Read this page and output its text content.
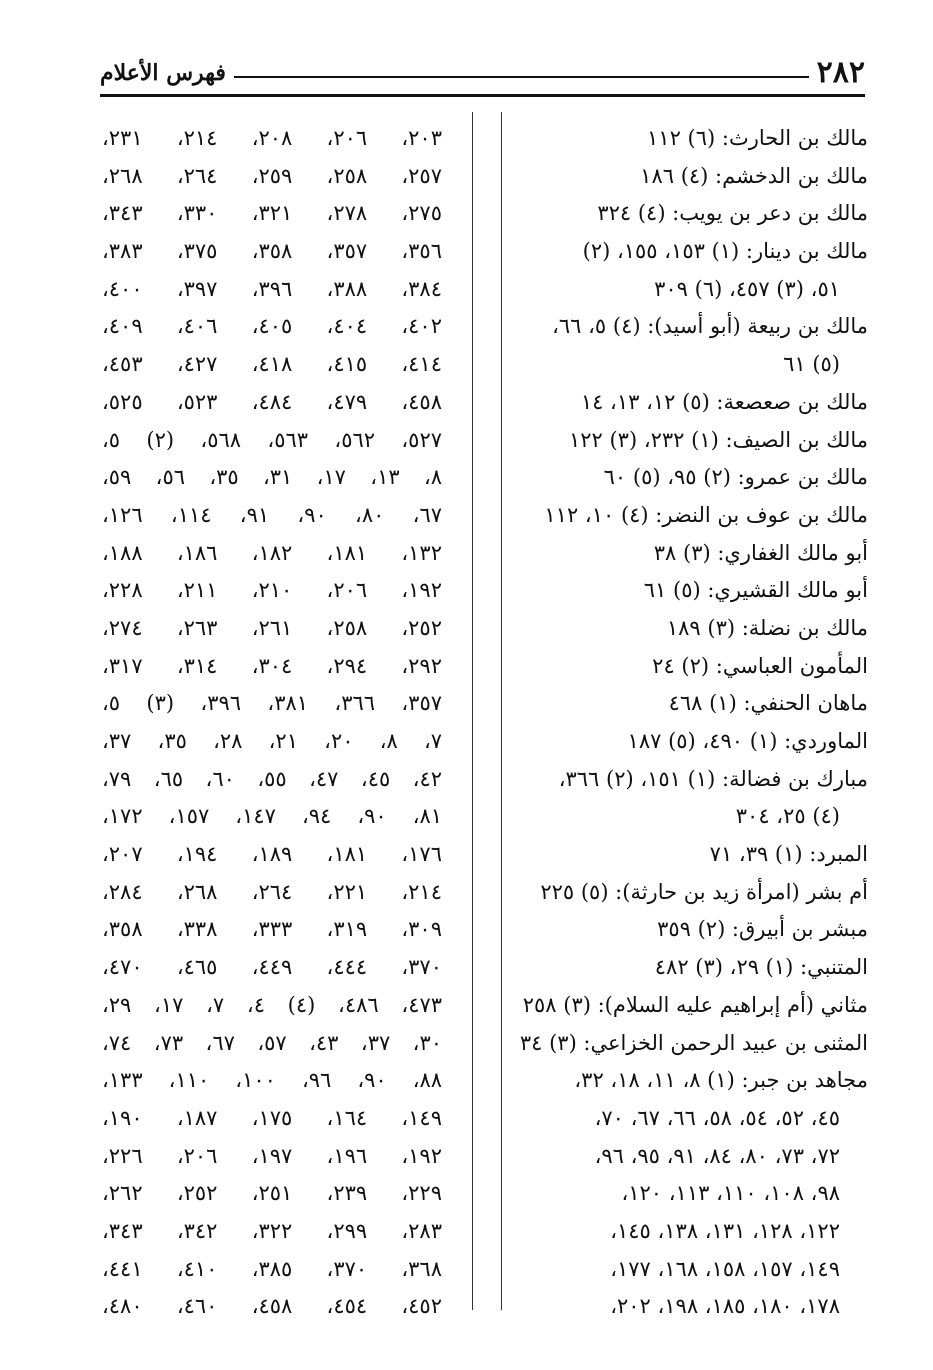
٢٨٢
فهرس الأعلام
مالك بن الحارث: (٦) ١١٢
مالك بن الدخشم: (٤) ١٨٦
مالك بن دعر بن يويب: (٤) ٣٢٤
مالك بن دينار: (١) ١٥٣، ١٥٥، (٢)
٥١، (٣) ٤٥٧، (٦) ٣٠٩
مالك بن ربيعة (أبو أسيد): (٤) ٥، ٦٦،
(٥) ٦١
مالك بن صعصعة: (٥) ١٢، ١٣، ١٤
مالك بن الصيف: (١) ٢٣٢، (٣) ١٢٢
مالك بن عمرو: (٢) ٩٥، (٥) ٦٠
مالك بن عوف بن النضر: (٤) ١٠، ١١٢
أبو مالك الغفاري: (٣) ٣٨
أبو مالك القشيري: (٥) ٦١
مالك بن نضلة: (٣) ١٨٩
المأمون العباسي: (٢) ٢٤
ماهان الحنفي: (١) ٤٦٨
الماوردي: (١) ٤٩٠، (٥) ١٨٧
مبارك بن فضالة: (١) ١٥١، (٢) ٣٦٦،
(٤) ٢٥، ٣٠٤
المبرد: (١) ٣٩، ٧١
أم بشر (امرأة زيد بن حارثة): (٥) ٢٢٥
مبشر بن أبيرق: (٢) ٣٥٩
المتنبي: (١) ٢٩، (٣) ٤٨٢
مثاني (أم إبراهيم عليه السلام): (٣) ٢٥٨
المثنى بن عبيد الرحمن الخزاعي: (٣) ٣٤
مجاهد بن جبر: (١) ٨، ١١، ١٨، ٣٢،
٤٥، ٥٢، ٥٤، ٥٨، ٦٦، ٦٧، ٧٠،
٧٢، ٧٣، ٨٠، ٨٤، ٩١، ٩٥، ٩٦،
٩٨، ١٠٨، ١١٠، ١١٣، ١٢٠،
١٢٢، ١٢٨، ١٣١، ١٣٨، ١٤٥،
١٤٩، ١٥٧، ١٥٨، ١٦٨، ١٧٧،
١٧٨، ١٨٠، ١٨٥، ١٩٨، ٢٠٢،
٢٠٣، ٢٠٦، ٢٠٨، ٢١٤، ٢٣١،
٢٥٧، ٢٥٨، ٢٥٩، ٢٦٤، ٢٦٨،
٢٧٥، ٢٧٨، ٣٢١، ٣٣٠، ٣٤٣،
٣٥٦، ٣٥٧، ٣٥٨، ٣٧٥، ٣٨٣،
٣٨٤، ٣٨٨، ٣٩٦، ٣٩٧، ٤٠٠،
٤٠٢، ٤٠٤، ٤٠٥، ٤٠٦، ٤٠٩،
٤١٤، ٤١٥، ٤١٨، ٤٢٧، ٤٥٣،
٤٥٨، ٤٧٩، ٤٨٤، ٥٢٣، ٥٢٥،
٥٢٧، ٥٦٢، ٥٦٣، ٥٦٨، (٢) ٥،
٨، ١٣، ١٧، ٣١، ٣٥، ٥٦، ٥٩،
٦٧، ٨٠، ٩٠، ٩١، ١١٤، ١٢٦،
١٣٢، ١٨١، ١٨٢، ١٨٦، ١٨٨،
١٩٢، ٢٠٦، ٢١٠، ٢١١، ٢٢٨،
٢٥٢، ٢٥٨، ٢٦١، ٢٦٣، ٢٧٤،
٢٩٢، ٢٩٤، ٣٠٤، ٣١٤، ٣١٧،
٣٥٧، ٣٦٦، ٣٨١، ٣٩٦، (٣) ٥،
٧، ٨، ٢٠، ٢١، ٢٨، ٣٥، ٣٧،
٤٢، ٤٥، ٤٧، ٥٥، ٦٠، ٦٥، ٧٩،
٨١، ٩٠، ٩٤، ١٤٧، ١٥٧، ١٧٢،
١٧٦، ١٨١، ١٨٩، ١٩٤، ٢٠٧،
٢١٤، ٢٢١، ٢٦٤، ٢٦٨، ٢٨٤،
٣٠٩، ٣١٩، ٣٣٣، ٣٣٨، ٣٥٨،
٣٧٠، ٤٤٤، ٤٤٩، ٤٦٥، ٤٧٠،
٤٧٣، ٤٨٦، (٤) ٤، ٧، ١٧، ٢٩،
٣٠، ٣٧، ٤٣، ٥٧، ٦٧، ٧٣، ٧٤،
٨٨، ٩٠، ٩٦، ١٠٠، ١١٠، ١٣٣،
١٤٩، ١٦٤، ١٧٥، ١٨٧، ١٩٠،
١٩٢، ١٩٦، ١٩٧، ٢٠٦، ٢٢٦،
٢٢٩، ٢٣٩، ٢٥١، ٢٥٢، ٢٦٢،
٢٨٣، ٢٩٩، ٣٢٢، ٣٤٢، ٣٤٣،
٣٦٨، ٣٧٠، ٣٨٥، ٤١٠، ٤٤١،
٤٥٢، ٤٥٤، ٤٥٨، ٤٦٠، ٤٨٠،
